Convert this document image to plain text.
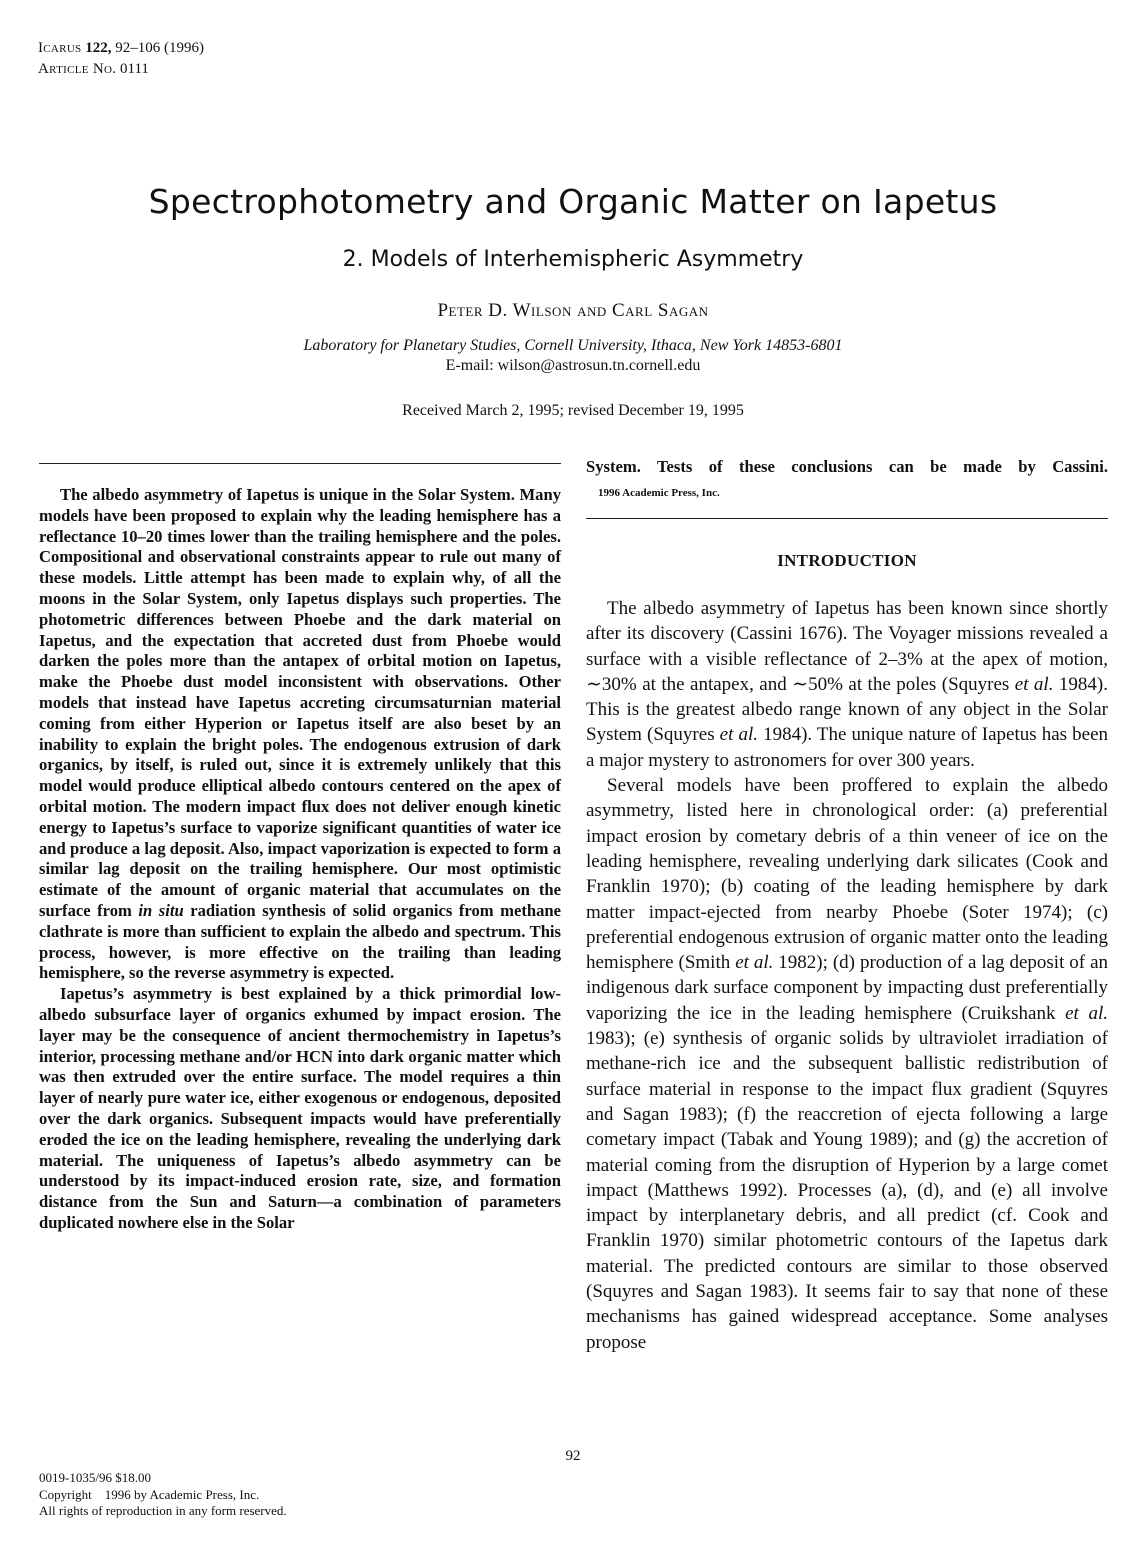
Icarus 122, 92–106 (1996)
Article No. 0111
Spectrophotometry and Organic Matter on Iapetus
2. Models of Interhemispheric Asymmetry
Peter D. Wilson and Carl Sagan
Laboratory for Planetary Studies, Cornell University, Ithaca, New York 14853-6801
E-mail: wilson@astrosun.tn.cornell.edu
Received March 2, 1995; revised December 19, 1995

The albedo asymmetry of Iapetus is unique in the Solar System. Many models have been proposed to explain why the leading hemisphere has a reflectance 10–20 times lower than the trailing hemisphere and the poles. Compositional and observational constraints appear to rule out many of these models. Little attempt has been made to explain why, of all the moons in the Solar System, only Iapetus displays such properties. The photometric differences between Phoebe and the dark material on Iapetus, and the expectation that accreted dust from Phoebe would darken the poles more than the antapex of orbital motion on Iapetus, make the Phoebe dust model inconsistent with observations. Other models that instead have Iapetus accreting circumsaturnian material coming from either Hyperion or Iapetus itself are also beset by an inability to explain the bright poles. The endogenous extrusion of dark organics, by itself, is ruled out, since it is extremely unlikely that this model would produce elliptical albedo contours centered on the apex of orbital motion. The modern impact flux does not deliver enough kinetic energy to Iapetus’s surface to vaporize significant quantities of water ice and produce a lag deposit. Also, impact vaporization is expected to form a similar lag deposit on the trailing hemisphere. Our most optimistic estimate of the amount of organic material that accumulates on the surface from in situ radiation synthesis of solid organics from methane clathrate is more than sufficient to explain the albedo and spectrum. This process, however, is more effective on the trailing than leading hemisphere, so the reverse asymmetry is expected.

Iapetus’s asymmetry is best explained by a thick primordial low-albedo subsurface layer of organics exhumed by impact erosion. The layer may be the consequence of ancient thermochemistry in Iapetus’s interior, processing methane and/or HCN into dark organic matter which was then extruded over the entire surface. The model requires a thin layer of nearly pure water ice, either exogenous or endogenous, deposited over the dark organics. Subsequent impacts would have preferentially eroded the ice on the leading hemisphere, revealing the underlying dark material. The uniqueness of Iapetus’s albedo asymmetry can be understood by its impact-induced erosion rate, size, and formation distance from the Sun and Saturn—a combination of parameters duplicated nowhere else in the Solar

System. Tests of these conclusions can be made by Cassini.
1996 Academic Press, Inc.
INTRODUCTION

The albedo asymmetry of Iapetus has been known since shortly after its discovery (Cassini 1676). The Voyager missions revealed a surface with a visible reflectance of 2–3% at the apex of motion, ∼30% at the antapex, and ∼50% at the poles (Squyres et al. 1984). This is the greatest albedo range known of any object in the Solar System (Squyres et al. 1984). The unique nature of Iapetus has been a major mystery to astronomers for over 300 years.

Several models have been proffered to explain the albedo asymmetry, listed here in chronological order: (a) preferential impact erosion by cometary debris of a thin veneer of ice on the leading hemisphere, revealing underlying dark silicates (Cook and Franklin 1970); (b) coating of the leading hemisphere by dark matter impact-ejected from nearby Phoebe (Soter 1974); (c) preferential endogenous extrusion of organic matter onto the leading hemisphere (Smith et al. 1982); (d) production of a lag deposit of an indigenous dark surface component by impacting dust preferentially vaporizing the ice in the leading hemisphere (Cruikshank et al. 1983); (e) synthesis of organic solids by ultraviolet irradiation of methane-rich ice and the subsequent ballistic redistribution of surface material in response to the impact flux gradient (Squyres and Sagan 1983); (f) the reaccretion of ejecta following a large cometary impact (Tabak and Young 1989); and (g) the accretion of material coming from the disruption of Hyperion by a large comet impact (Matthews 1992). Processes (a), (d), and (e) all involve impact by interplanetary debris, and all predict (cf. Cook and Franklin 1970) similar photometric contours of the Iapetus dark material. The predicted contours are similar to those observed (Squyres and Sagan 1983). It seems fair to say that none of these mechanisms has gained widespread acceptance. Some analyses propose

92
0019-1035/96 $18.00
Copyright    1996 by Academic Press, Inc.
All rights of reproduction in any form reserved.
